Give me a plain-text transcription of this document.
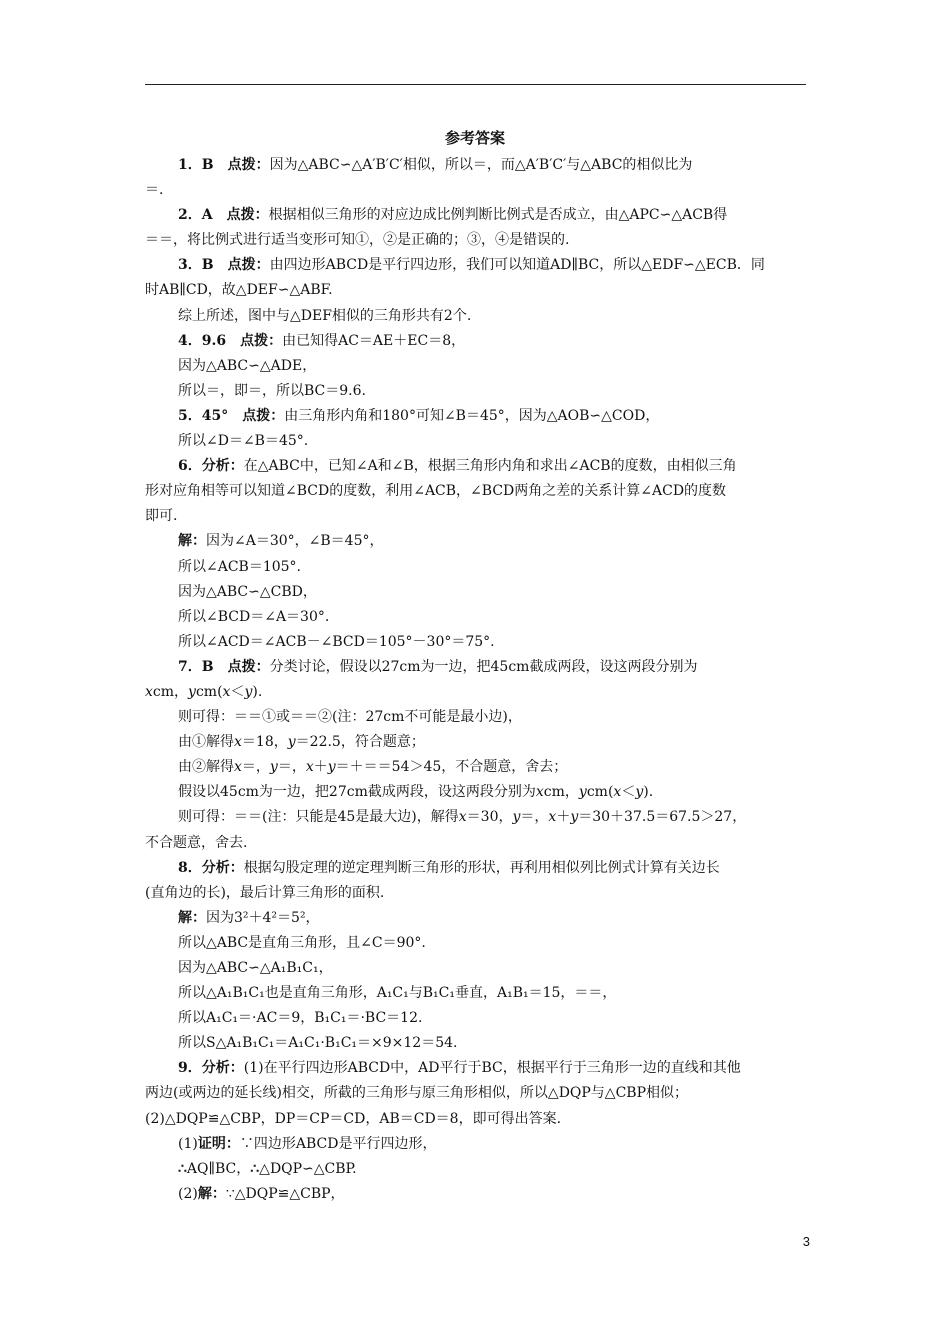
参考答案
1．B　点拨：因为△ABC∽△A′B′C′相似，所以＝，而△A′B′C′与△ABC的相似比为
＝.
2．A　点拨：根据相似三角形的对应边成比例判断比例式是否成立，由△APC∽△ACB得
＝＝，将比例式进行适当变形可知①，②是正确的；③，④是错误的.
3．B　点拨：由四边形ABCD是平行四边形，我们可以知道AD∥BC，所以△EDF∽△ECB．同
时AB∥CD，故△DEF∽△ABF.
综上所述，图中与△DEF相似的三角形共有2个.
4．9.6　点拨：由已知得AC＝AE＋EC＝8，
因为△ABC∽△ADE，
所以＝，即＝，所以BC＝9.6.
5．45°　点拨：由三角形内角和180°可知∠B＝45°，因为△AOB∽△COD，
所以∠D＝∠B＝45°.
6．分析：在△ABC中，已知∠A和∠B，根据三角形内角和求出∠ACB的度数，由相似三角
形对应角相等可以知道∠BCD的度数，利用∠ACB，∠BCD两角之差的关系计算∠ACD的度数
即可.
解：因为∠A＝30°，∠B＝45°，
所以∠ACB＝105°.
因为△ABC∽△CBD，
所以∠BCD＝∠A＝30°.
所以∠ACD＝∠ACB－∠BCD＝105°－30°＝75°.
7．B　点拨：分类讨论，假设以27cm为一边，把45cm截成两段，设这两段分别为
xcm，ycm(x＜y).
则可得：＝＝①或＝＝②(注：27cm不可能是最小边)，
由①解得x＝18，y＝22.5，符合题意；
由②解得x＝，y＝，x＋y＝＋＝＝54＞45，不合题意，舍去；
假设以45cm为一边，把27cm截成两段，设这两段分别为xcm，ycm(x＜y).
则可得：＝＝(注：只能是45是最大边)，解得x＝30，y＝，x＋y＝30＋37.5＝67.5＞27，
不合题意，舍去.
8．分析：根据勾股定理的逆定理判断三角形的形状，再利用相似列比例式计算有关边长
(直角边的长)，最后计算三角形的面积.
解：因为3²＋4²＝5²，
所以△ABC是直角三角形，且∠C＝90°.
因为△ABC∽△A₁B₁C₁，
所以△A₁B₁C₁也是直角三角形，A₁C₁与B₁C₁垂直，A₁B₁＝15，＝＝，
所以A₁C₁＝·AC＝9，B₁C₁＝·BC＝12.
所以S△A₁B₁C₁＝A₁C₁·B₁C₁＝×9×12＝54.
9．分析：(1)在平行四边形ABCD中，AD平行于BC，根据平行于三角形一边的直线和其他
两边(或两边的延长线)相交，所截的三角形与原三角形相似，所以△DQP与△CBP相似；
(2)△DQP≌△CBP，DP＝CP＝CD，AB＝CD＝8，即可得出答案.
(1)证明：∵四边形ABCD是平行四边形，
∴AQ∥BC，∴△DQP∽△CBP.
(2)解：∵△DQP≌△CBP，
3
